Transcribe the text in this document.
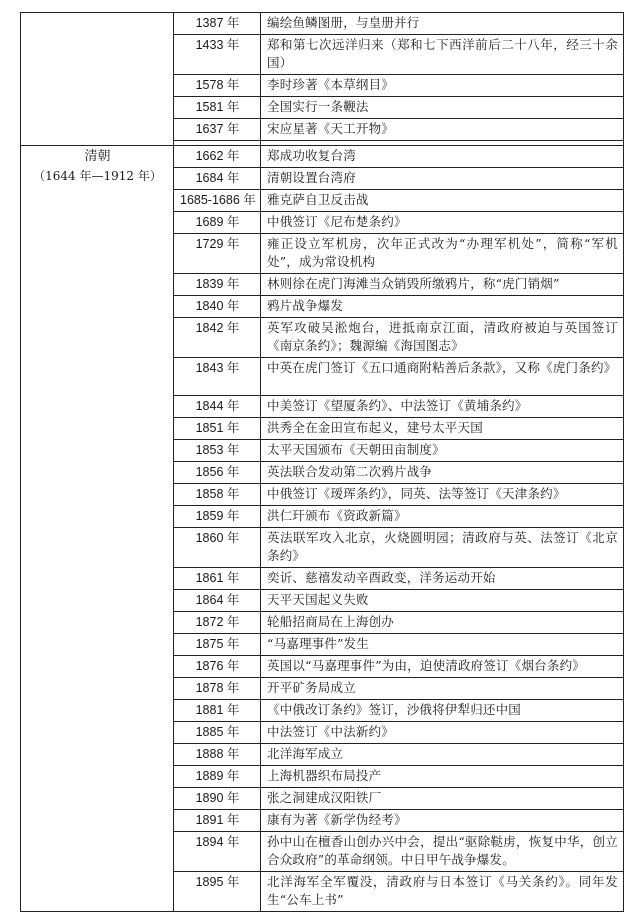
	1387 年	编绘鱼鳞图册，与皇册并行
	1433 年	郑和第七次远洋归来（郑和七下西洋前后二十八年，经三十余国）
	1578 年	李时珍著《本草纲目》
	1581 年	全国实行一条鞭法
	1637 年	宋应星著《天工开物》

清朝
（1644 年—1912 年）	1662 年	郑成功收复台湾
	1684 年	清朝设置台湾府
	1685-1686 年	雅克萨自卫反击战
	1689 年	中俄签订《尼布楚条约》
	1729 年	雍正设立军机房，次年正式改为“办理军机处”，简称“军机处”，成为常设机构
	1839 年	林则徐在虎门海滩当众销毁所缴鸦片，称“虎门销烟”
	1840 年	鸦片战争爆发
	1842 年	英军攻破吴淞炮台，进抵南京江面，清政府被迫与英国签订《南京条约》；魏源编《海国图志》
	1843 年	中英在虎门签订《五口通商附粘善后条款》，又称《虎门条约》
	1844 年	中美签订《望厦条约》、中法签订《黄埔条约》
	1851 年	洪秀全在金田宣布起义，建号太平天国
	1853 年	太平天国颁布《天朝田亩制度》
	1856 年	英法联合发动第二次鸦片战争
	1858 年	中俄签订《瑷珲条约》，同英、法等签订《天津条约》
	1859 年	洪仁玕颁布《资政新篇》
	1860 年	英法联军攻入北京，火烧圆明园；清政府与英、法签订《北京条约》
	1861 年	奕䜣、慈禧发动辛酉政变，洋务运动开始
	1864 年	天平天国起义失败
	1872 年	轮船招商局在上海创办
	1875 年	“马嘉理事件”发生
	1876 年	英国以“马嘉理事件”为由，迫使清政府签订《烟台条约》
	1878 年	开平矿务局成立
	1881 年	《中俄改订条约》签订，沙俄将伊犁归还中国
	1885 年	中法签订《中法新约》
	1888 年	北洋海军成立
	1889 年	上海机器织布局投产
	1890 年	张之洞建成汉阳铁厂
	1891 年	康有为著《新学伪经考》
	1894 年	孙中山在檀香山创办兴中会，提出“驱除鞑虏，恢复中华，创立合众政府”的革命纲领。中日甲午战争爆发。
	1895 年	北洋海军全军覆没，清政府与日本签订《马关条约》。同年发生“公车上书”
